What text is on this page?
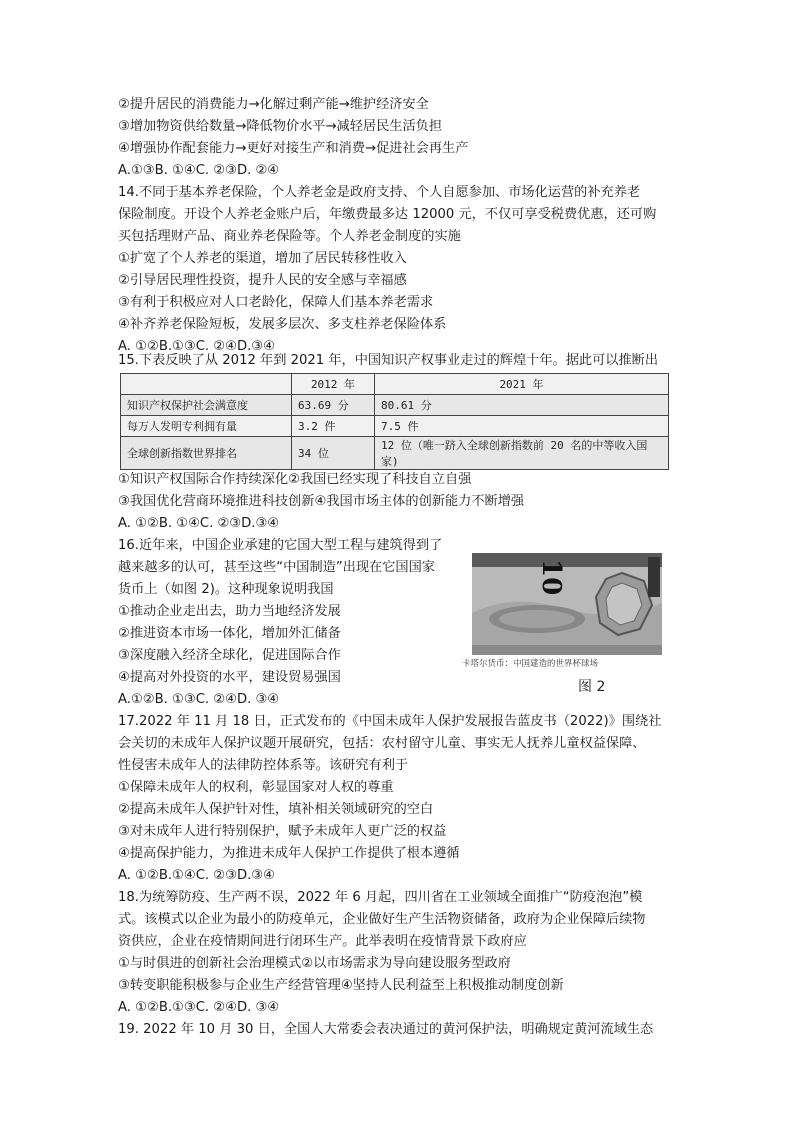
②提升居民的消费能力→化解过剩产能→维护经济安全
③增加物资供给数量→降低物价水平→减轻居民生活负担
④增强协作配套能力→更好对接生产和消费→促进社会再生产
A.①③B. ①④C. ②③D. ②④
14.不同于基本养老保险，个人养老金是政府支持、个人自愿参加、市场化运营的补充养老
保险制度。开设个人养老金账户后，年缴费最多达 12000 元，不仅可享受税费优惠，还可购
买包括理财产品、商业养老保险等。个人养老金制度的实施
①扩宽了个人养老的渠道，增加了居民转移性收入
②引导居民理性投资，提升人民的安全感与幸福感
③有利于积极应对人口老龄化，保障人们基本养老需求
④补齐养老保险短板，发展多层次、多支柱养老保险体系
A. ①②B.①③C. ②④D.③④
15.下表反映了从 2012 年到 2021 年，中国知识产权事业走过的辉煌十年。据此可以推断出
	2012 年	2021 年
知识产权保护社会满意度	63.69 分	80.61 分
每万人发明专利拥有量	3.2 件	7.5 件
全球创新指数世界排名	34 位	12 位（唯一跻入全球创新指数前 20 名的中等收入国家)
①知识产权国际合作持续深化②我国已经实现了科技自立自强
③我国优化营商环境推进科技创新④我国市场主体的创新能力不断增强
A. ①②B. ①④C. ②③D.③④
16.近年来，中国企业承建的它国大型工程与建筑得到了
越来越多的认可，甚至这些“中国制造”出现在它国国家
货币上（如图 2)。这种现象说明我国
①推动企业走出去，助力当地经济发展
②推进资本市场一体化，增加外汇储备
③深度融入经济全球化，促进国际合作
④提高对外投资的水平，建设贸易强国
A.①②B. ①③C. ②④D. ③④
10
卡塔尔货币：中国建造的世界杯球场
图 2
17.2022 年 11 月 18 日，正式发布的《中国未成年人保护发展报告蓝皮书（2022)》围绕社
会关切的未成年人保护议题开展研究，包括：农村留守儿童、事实无人抚养儿童权益保障、
性侵害未成年人的法律防控体系等。该研究有利于
①保障未成年人的权利，彰显国家对人权的尊重
②提高未成年人保护针对性，填补相关领域研究的空白
③对未成年人进行特别保护，赋予未成年人更广泛的权益
④提高保护能力，为推进未成年人保护工作提供了根本遵循
A. ①②B.①④C. ②③D.③④
18.为统筹防疫、生产两不误，2022 年 6 月起，四川省在工业领域全面推广“防疫泡泡”模
式。该模式以企业为最小的防疫单元，企业做好生产生活物资储备，政府为企业保障后续物
资供应，企业在疫情期间进行闭环生产。此举表明在疫情背景下政府应
①与时俱进的创新社会治理模式②以市场需求为导向建设服务型政府
③转变职能积极参与企业生产经营管理④坚持人民利益至上积极推动制度创新
A. ①②B.①③C. ②④D. ③④
19. 2022 年 10 月 30 日，全国人大常委会表决通过的黄河保护法，明确规定黄河流域生态
